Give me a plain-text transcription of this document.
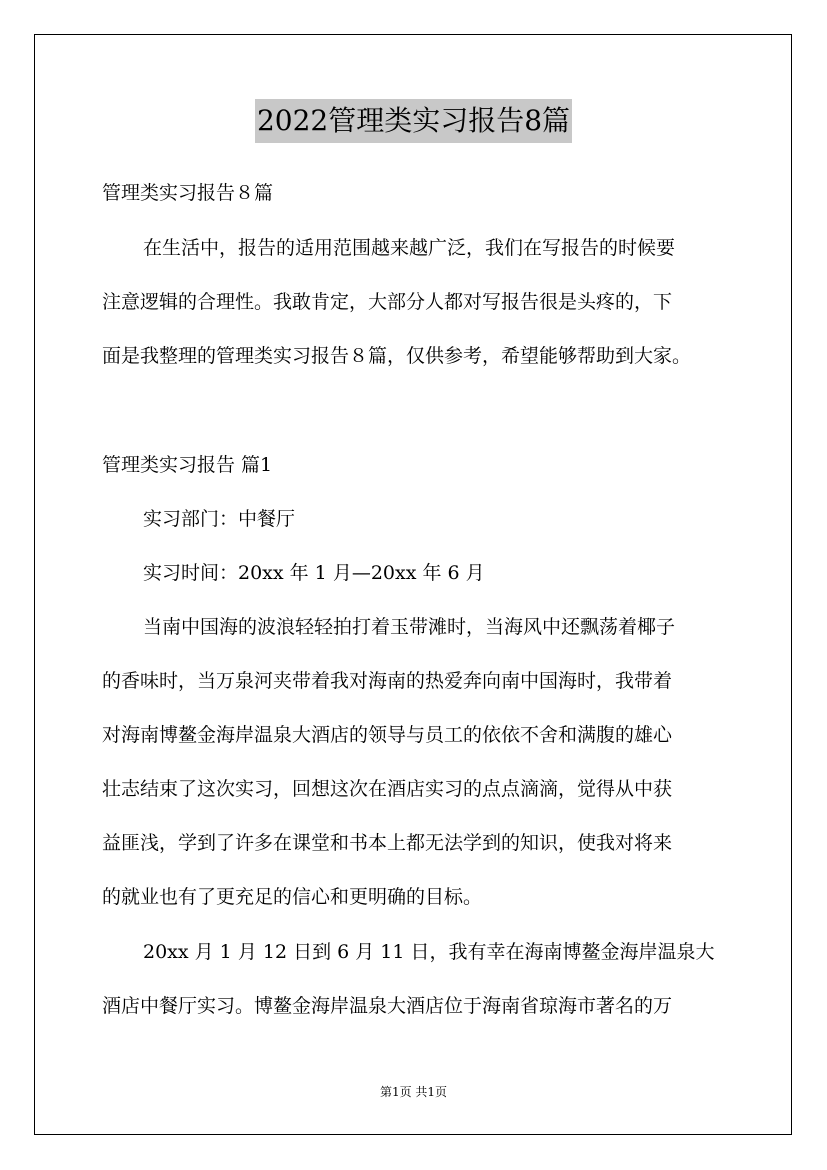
2022管理类实习报告8篇
管理类实习报告８篇
在生活中，报告的适用范围越来越广泛，我们在写报告的时候要
注意逻辑的合理性。我敢肯定，大部分人都对写报告很是头疼的，下
面是我整理的管理类实习报告８篇，仅供参考，希望能够帮助到大家。
管理类实习报告 篇1
实习部门：中餐厅
实习时间：20xx 年 1 月—20xx 年 6 月
当南中国海的波浪轻轻拍打着玉带滩时，当海风中还飘荡着椰子
的香味时，当万泉河夹带着我对海南的热爱奔向南中国海时，我带着
对海南博鳌金海岸温泉大酒店的领导与员工的依依不舍和满腹的雄心
壮志结束了这次实习，回想这次在酒店实习的点点滴滴，觉得从中获
益匪浅，学到了许多在课堂和书本上都无法学到的知识，使我对将来
的就业也有了更充足的信心和更明确的目标。
20xx 月 1 月 12 日到 6 月 11 日，我有幸在海南博鳌金海岸温泉大
酒店中餐厅实习。博鳌金海岸温泉大酒店位于海南省琼海市著名的万
第1页 共1页
